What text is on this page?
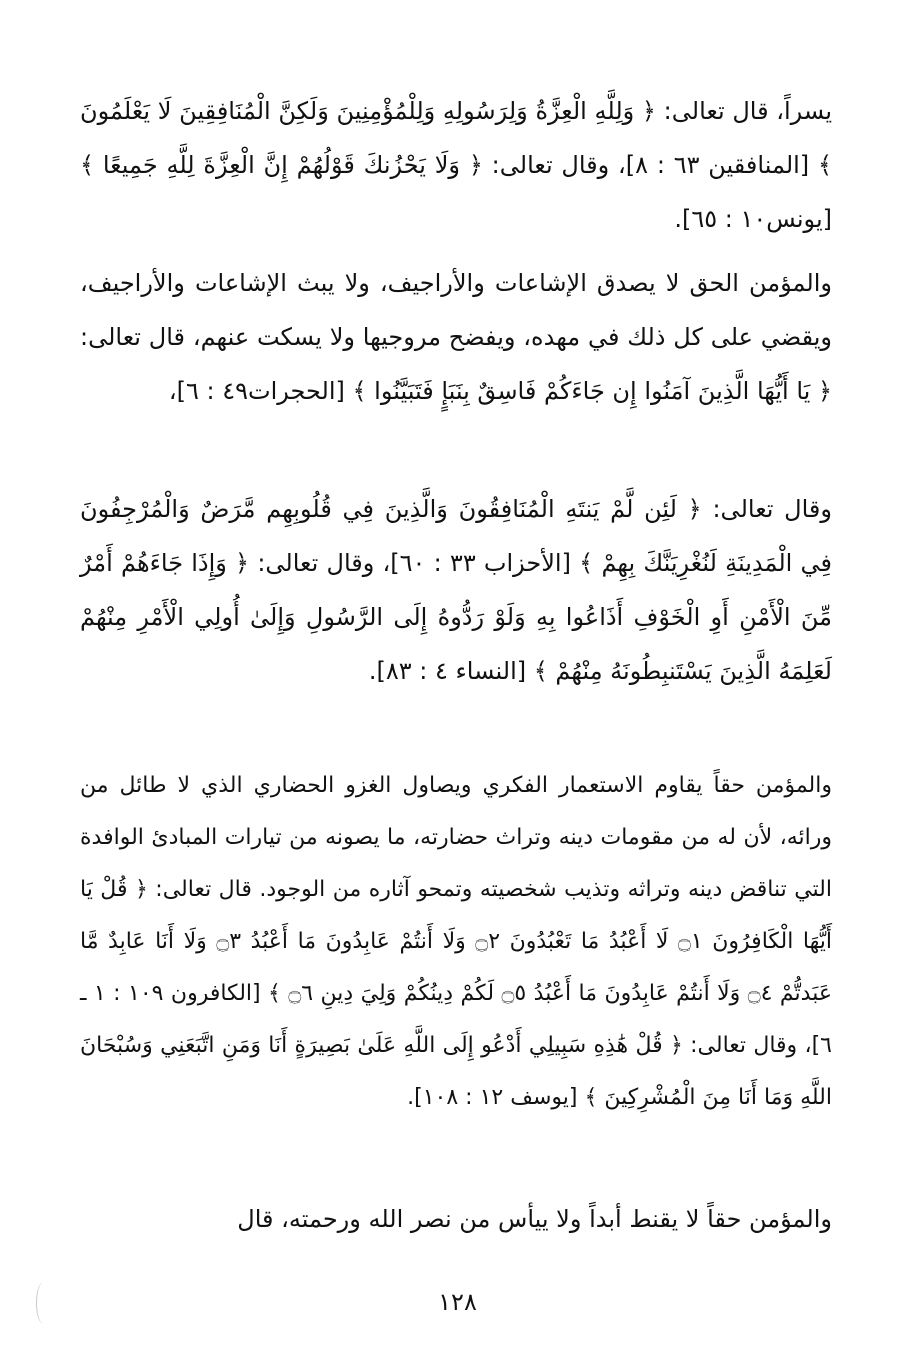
يسراً، قال تعالى: ﴿ وَلِلَّهِ الْعِزَّةُ وَلِرَسُولِهِ وَلِلْمُؤْمِنِينَ وَلَكِنَّ الْمُنَافِقِينَ لَا يَعْلَمُونَ ﴾ [المنافقين ٦٣ : ٨]، وقال تعالى: ﴿ وَلَا يَحْزُنكَ قَوْلُهُمْ إِنَّ الْعِزَّةَ لِلَّهِ جَمِيعًا ﴾ [يونس١٠ : ٦٥].

والمؤمن الحق لا يصدق الإشاعات والأراجيف، ولا يبث الإشاعات والأراجيف، ويقضي على كل ذلك في مهده، ويفضح مروجيها ولا يسكت عنهم، قال تعالى: ﴿ يَا أَيُّهَا الَّذِينَ آمَنُوا إِن جَاءَكُمْ فَاسِقٌ بِنَبَإٍ فَتَبَيَّنُوا ﴾ [الحجرات٤٩ : ٦]،

وقال تعالى: ﴿ لَئِن لَّمْ يَنتَهِ الْمُنَافِقُونَ وَالَّذِينَ فِي قُلُوبِهِم مَّرَضٌ وَالْمُرْجِفُونَ فِي الْمَدِينَةِ لَنُغْرِيَنَّكَ بِهِمْ ﴾ [الأحزاب ٣٣ : ٦٠]، وقال تعالى: ﴿ وَإِذَا جَاءَهُمْ أَمْرٌ مِّنَ الْأَمْنِ أَوِ الْخَوْفِ أَذَاعُوا بِهِ وَلَوْ رَدُّوهُ إِلَى الرَّسُولِ وَإِلَىٰ أُولِي الْأَمْرِ مِنْهُمْ لَعَلِمَهُ الَّذِينَ يَسْتَنبِطُونَهُ مِنْهُمْ ﴾ [النساء ٤ : ٨٣].

والمؤمن حقاً يقاوم الاستعمار الفكري ويصاول الغزو الحضاري الذي لا طائل من ورائه، لأن له من مقومات دينه وتراث حضارته، ما يصونه من تيارات المبادئ الوافدة التي تناقض دينه وتراثه وتذيب شخصيته وتمحو آثاره من الوجود. قال تعالى: ﴿ قُلْ يَا أَيُّهَا الْكَافِرُونَ ۝١ لَا أَعْبُدُ مَا تَعْبُدُونَ ۝٢ وَلَا أَنتُمْ عَابِدُونَ مَا أَعْبُدُ ۝٣ وَلَا أَنَا عَابِدٌ مَّا عَبَدتُّمْ ۝٤ وَلَا أَنتُمْ عَابِدُونَ مَا أَعْبُدُ ۝٥ لَكُمْ دِينُكُمْ وَلِيَ دِينِ ۝٦ ﴾ [الكافرون ١٠٩ : ١ ـ ٦]، وقال تعالى: ﴿ قُلْ هَٰذِهِ سَبِيلِي أَدْعُو إِلَى اللَّهِ عَلَىٰ بَصِيرَةٍ أَنَا وَمَنِ اتَّبَعَنِي وَسُبْحَانَ اللَّهِ وَمَا أَنَا مِنَ الْمُشْرِكِينَ ﴾ [يوسف ١٢ : ١٠٨].

والمؤمن حقاً لا يقنط أبداً ولا ييأس من نصر الله ورحمته، قال

١٢٨
